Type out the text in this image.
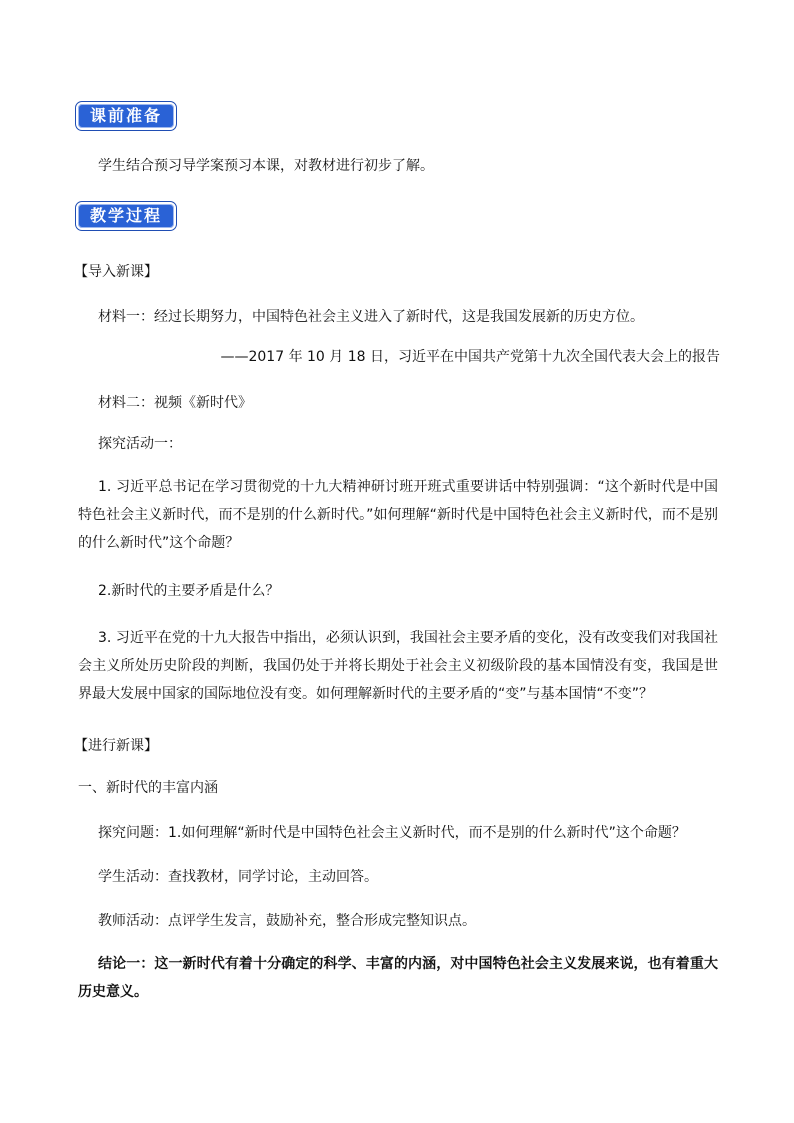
课前准备
学生结合预习导学案预习本课，对教材进行初步了解。
教学过程
【导入新课】
材料一：经过长期努力，中国特色社会主义进入了新时代，这是我国发展新的历史方位。
——2017 年 10 月 18 日，习近平在中国共产党第十九次全国代表大会上的报告
材料二：视频《新时代》
探究活动一：
1. 习近平总书记在学习贯彻党的十九大精神研讨班开班式重要讲话中特别强调：“这个新时代是中国特色社会主义新时代，而不是别的什么新时代。”如何理解“新时代是中国特色社会主义新时代，而不是别的什么新时代”这个命题？
2.新时代的主要矛盾是什么？
3. 习近平在党的十九大报告中指出，必须认识到，我国社会主要矛盾的变化，没有改变我们对我国社会主义所处历史阶段的判断，我国仍处于并将长期处于社会主义初级阶段的基本国情没有变，我国是世界最大发展中国家的国际地位没有变。如何理解新时代的主要矛盾的“变”与基本国情“不变”？
【进行新课】
一、新时代的丰富内涵
探究问题：1.如何理解“新时代是中国特色社会主义新时代，而不是别的什么新时代”这个命题？
学生活动：查找教材，同学讨论，主动回答。
教师活动：点评学生发言，鼓励补充，整合形成完整知识点。
结论一：这一新时代有着十分确定的科学、丰富的内涵，对中国特色社会主义发展来说，也有着重大历史意义。
